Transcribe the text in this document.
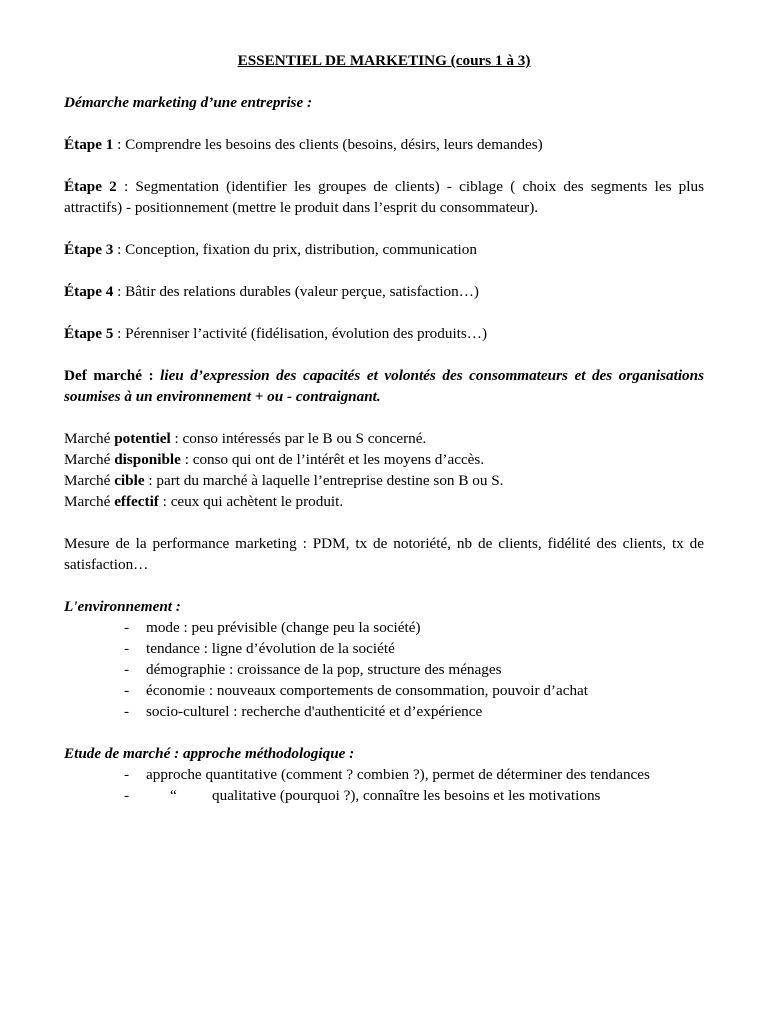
ESSENTIEL DE MARKETING (cours 1 à 3)

Démarche marketing d’une entreprise :

Étape 1 : Comprendre les besoins des clients (besoins, désirs, leurs demandes)

Étape 2 : Segmentation (identifier les groupes de clients) - ciblage ( choix des segments les plus attractifs) - positionnement (mettre le produit dans l’esprit du consommateur).

Étape 3 : Conception, fixation du prix, distribution, communication

Étape 4 : Bâtir des relations durables (valeur perçue, satisfaction…)

Étape 5 : Pérenniser l’activité (fidélisation, évolution des produits…)

Def marché : lieu d’expression des capacités et volontés des consommateurs et des organisations soumises à un environnement + ou - contraignant.

Marché potentiel : conso intéressés par le B ou S concerné.

Marché disponible : conso qui ont de l’intérêt et les moyens d’accès.

Marché cible : part du marché à laquelle l’entreprise destine son B ou S.

Marché effectif : ceux qui achètent le produit.

Mesure de la performance marketing : PDM, tx de notoriété, nb de clients, fidélité des clients, tx de satisfaction…

L'environnement :

- mode : peu prévisible (change peu la société)
- tendance : ligne d’évolution de la société
- démographie : croissance de la pop, structure des ménages
- économie : nouveaux comportements de consommation, pouvoir d’achat
- socio-culturel : recherche d'authenticité et d’expérience

Etude de marché : approche méthodologique :

- approche quantitative (comment ? combien ?), permet de déterminer des tendances
-	“ qualitative (pourquoi ?), connaître les besoins et les motivations
